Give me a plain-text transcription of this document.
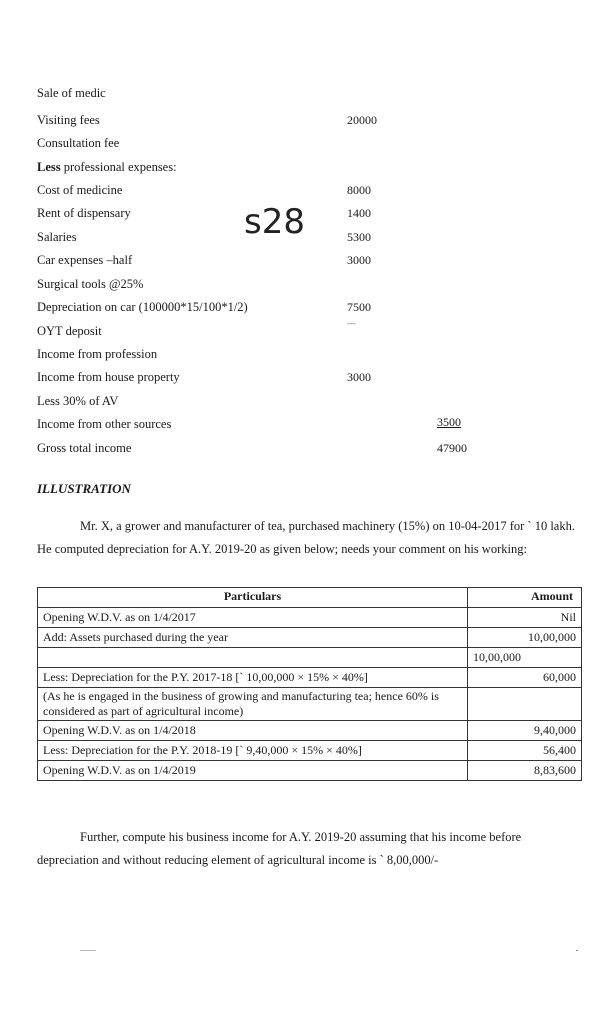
Sale of medic
Visiting fees	20000
Consultation fee
Less professional expenses:
Cost of medicine	8000
Rent of dispensary	1400
Salaries	5300
Car expenses –half	3000
Surgical tools @25%
Depreciation on car (100000*15/100*1/2)	7500
OYT deposit
---
Income from profession
Income from house property	3000
Less 30% of AV
Income from other sources	3500
Gross total income	47900
s28
ILLUSTRATION
Mr. X, a grower and manufacturer of tea, purchased machinery (15%) on 10-04-2017 for ` 10 lakh. He computed depreciation for A.Y. 2019-20 as given below; needs your comment on his working:
Particulars	Amount
Opening W.D.V. as on 1/4/2017	Nil
Add: Assets purchased during the year	10,00,000
	10,00,000
Less: Depreciation for the P.Y. 2017-18 [` 10,00,000 × 15% × 40%]	60,000
(As he is engaged in the business of growing and manufacturing tea; hence 60% is considered as part of agricultural income)	
Opening W.D.V. as on 1/4/2018	9,40,000
Less: Depreciation for the P.Y. 2018-19 [` 9,40,000 × 15% × 40%]	56,400
Opening W.D.V. as on 1/4/2019	8,83,600
Further, compute his business income for A.Y. 2019-20 assuming that his income before depreciation and without reducing element of agricultural income is ` 8,00,000/-
